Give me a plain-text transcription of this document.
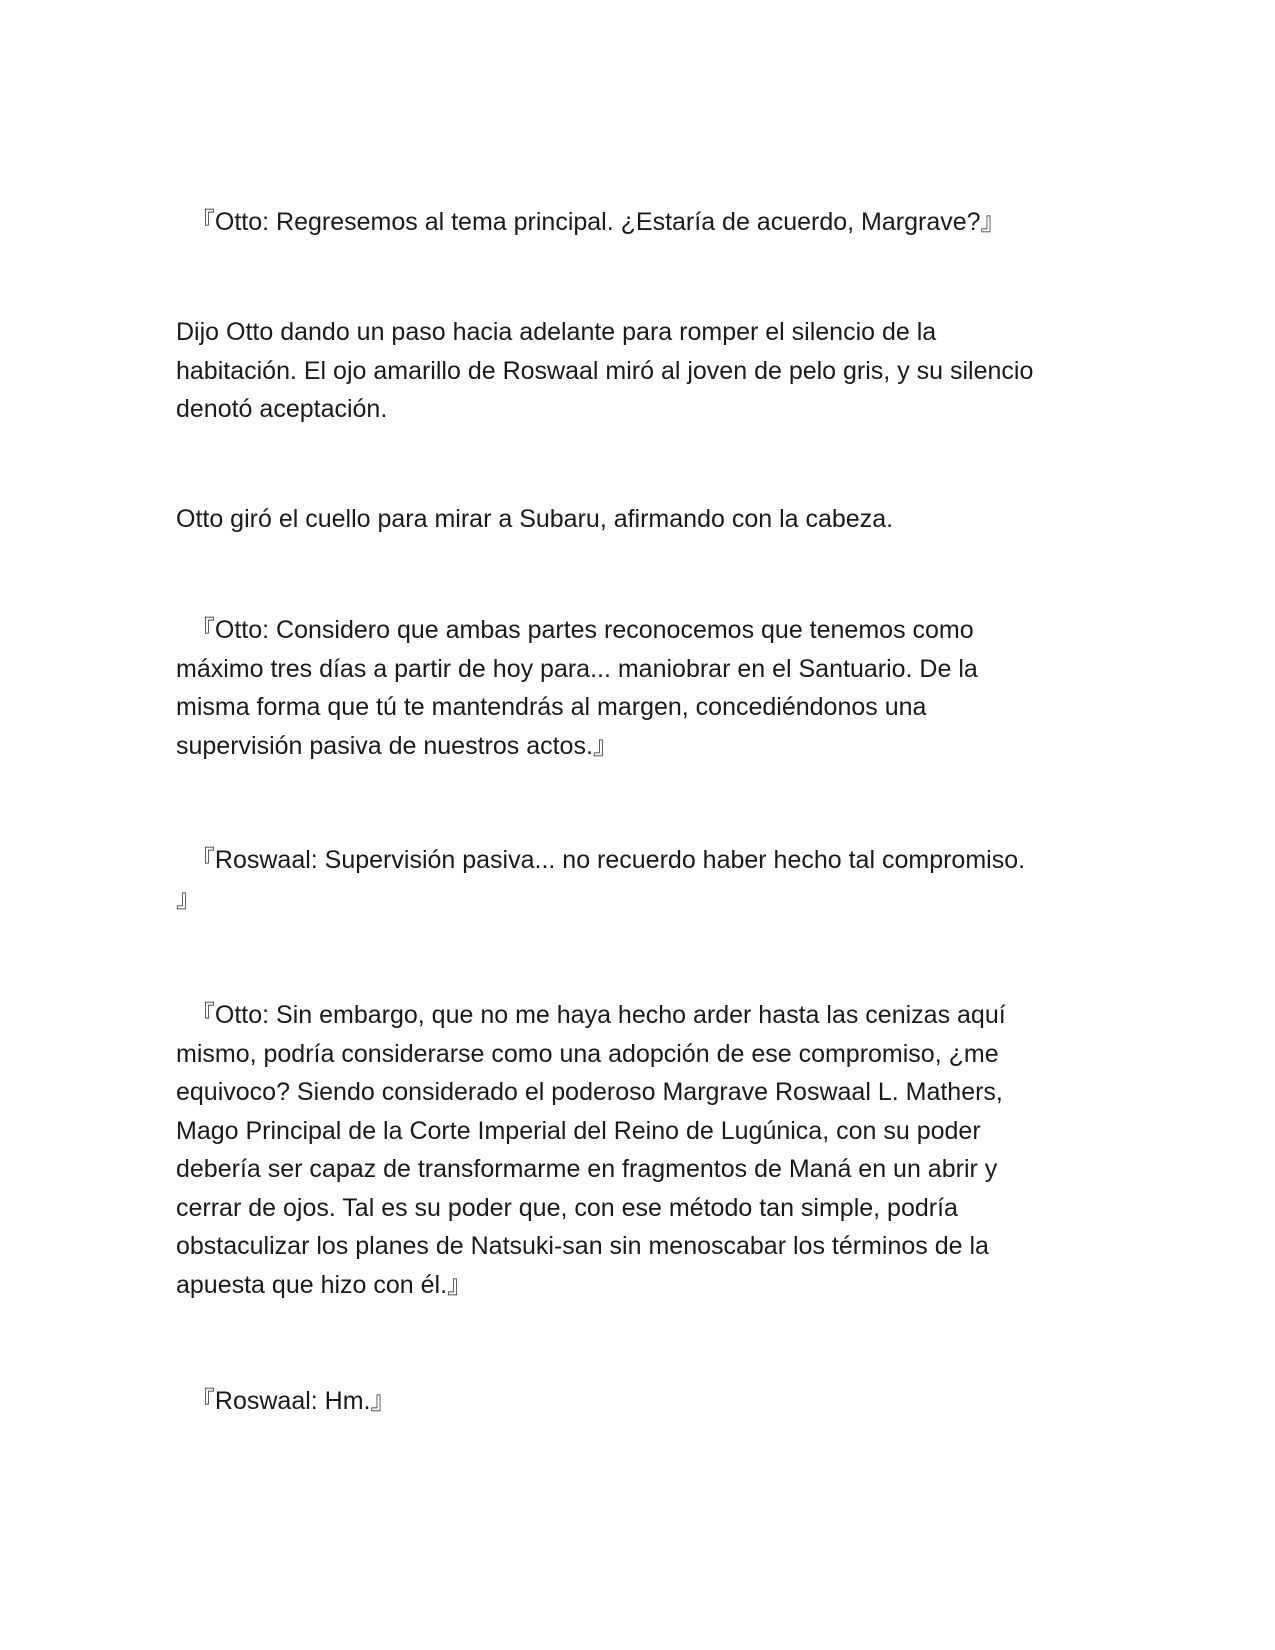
『Otto: Regresemos al tema principal. ¿Estaría de acuerdo, Margrave?』

Dijo Otto dando un paso hacia adelante para romper el silencio de la
habitación. El ojo amarillo de Roswaal miró al joven de pelo gris, y su silencio
denotó aceptación.

Otto giró el cuello para mirar a Subaru, afirmando con la cabeza.

『Otto: Considero que ambas partes reconocemos que tenemos como
máximo tres días a partir de hoy para... maniobrar en el Santuario. De la
misma forma que tú te mantendrás al margen, concediéndonos una
supervisión pasiva de nuestros actos.』

『Roswaal: Supervisión pasiva... no recuerdo haber hecho tal compromiso.
』

『Otto: Sin embargo, que no me haya hecho arder hasta las cenizas aquí
mismo, podría considerarse como una adopción de ese compromiso, ¿me
equivoco? Siendo considerado el poderoso Margrave Roswaal L. Mathers,
Mago Principal de la Corte Imperial del Reino de Lugúnica, con su poder
debería ser capaz de transformarme en fragmentos de Maná en un abrir y
cerrar de ojos. Tal es su poder que, con ese método tan simple, podría
obstaculizar los planes de Natsuki-san sin menoscabar los términos de la
apuesta que hizo con él.』

『Roswaal: Hm.』
